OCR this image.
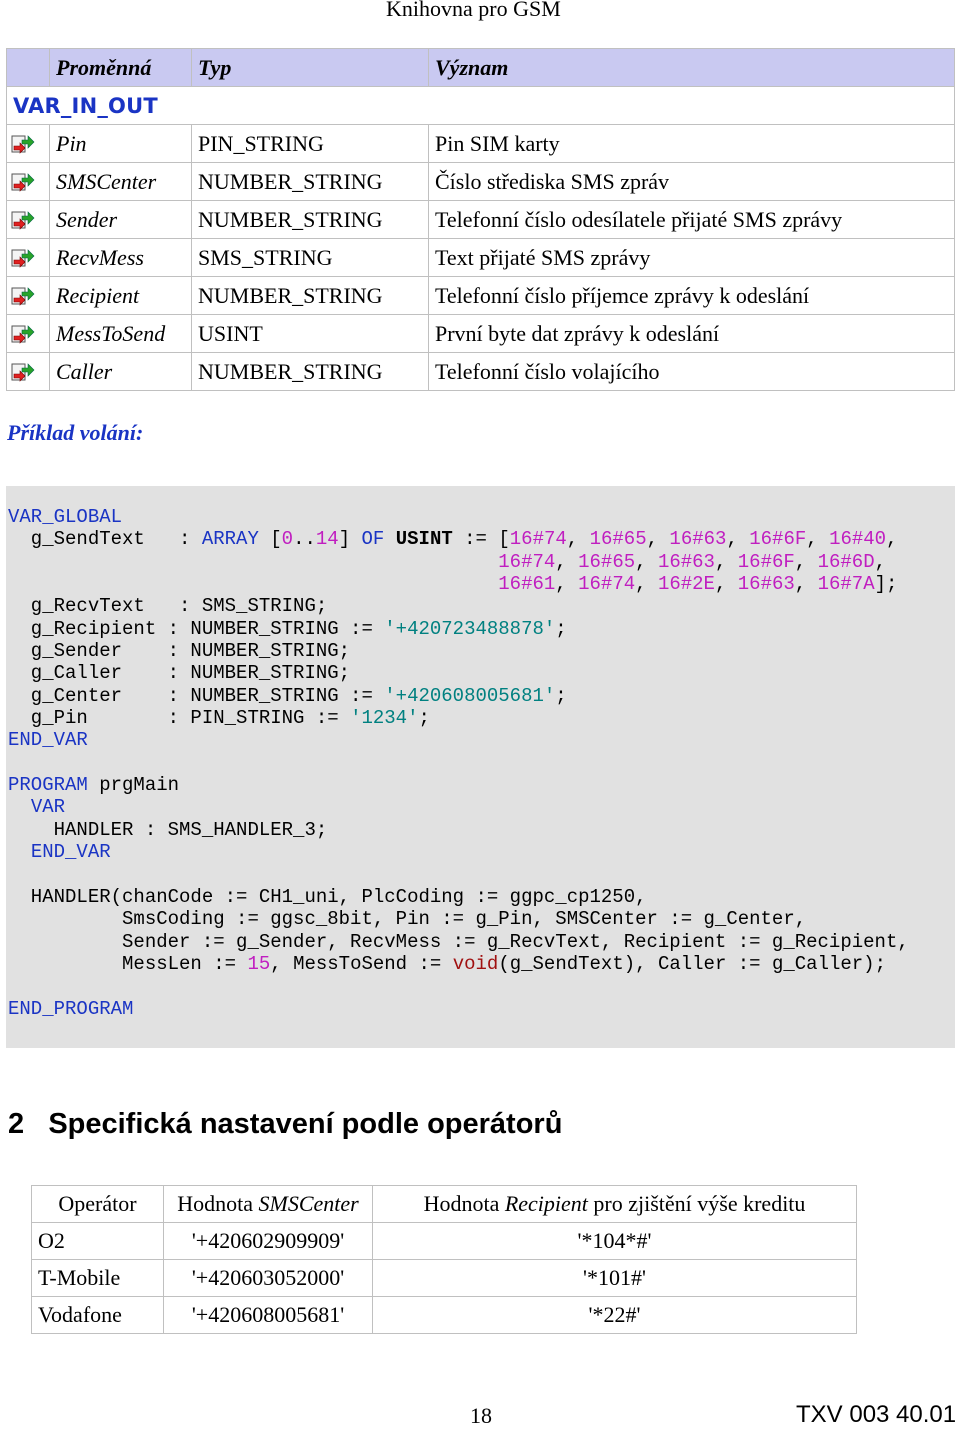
Knihovna pro GSM
	Proměnná	Typ	Význam
VAR_IN_OUT			
	Pin	PIN_STRING	Pin SIM karty
	SMSCenter	NUMBER_STRING	Číslo střediska SMS zpráv
	Sender	NUMBER_STRING	Telefonní číslo odesílatele přijaté SMS zprávy
	RecvMess	SMS_STRING	Text přijaté SMS zprávy
	Recipient	NUMBER_STRING	Telefonní číslo příjemce zprávy k odeslání
	MessToSend	USINT	První byte dat zprávy k odeslání
	Caller	NUMBER_STRING	Telefonní číslo volajícího
Příklad volání:
VAR_GLOBAL
g_SendText   : ARRAY [0..14] OF USINT := [16#74, 16#65, 16#63, 16#6F, 16#40,
16#74, 16#65, 16#63, 16#6F, 16#6D,
16#61, 16#74, 16#2E, 16#63, 16#7A];
g_RecvText   : SMS_STRING;
g_Recipient : NUMBER_STRING := '+420723488878';
g_Sender    : NUMBER_STRING;
g_Caller    : NUMBER_STRING;
g_Center    : NUMBER_STRING := '+420608005681';
g_Pin       : PIN_STRING := '1234';
END_VAR

PROGRAM prgMain
VAR
HANDLER : SMS_HANDLER_3;
END_VAR

HANDLER(chanCode := CH1_uni, PlcCoding := ggpc_cp1250,
SmsCoding := ggsc_8bit, Pin := g_Pin, SMSCenter := g_Center,
Sender := g_Sender, RecvMess := g_RecvText, Recipient := g_Recipient,
MessLen := 15, MessToSend := void(g_SendText), Caller := g_Caller);

END_PROGRAM
2 Specifická nastavení podle operátorů
Operátor	Hodnota SMSCenter	Hodnota Recipient pro zjištění výše kreditu
O2	'+420602909909'	'*104*#'
T-Mobile	'+420603052000'	'*101#'
Vodafone	'+420608005681'	'*22#'
18	TXV 003 40.01
